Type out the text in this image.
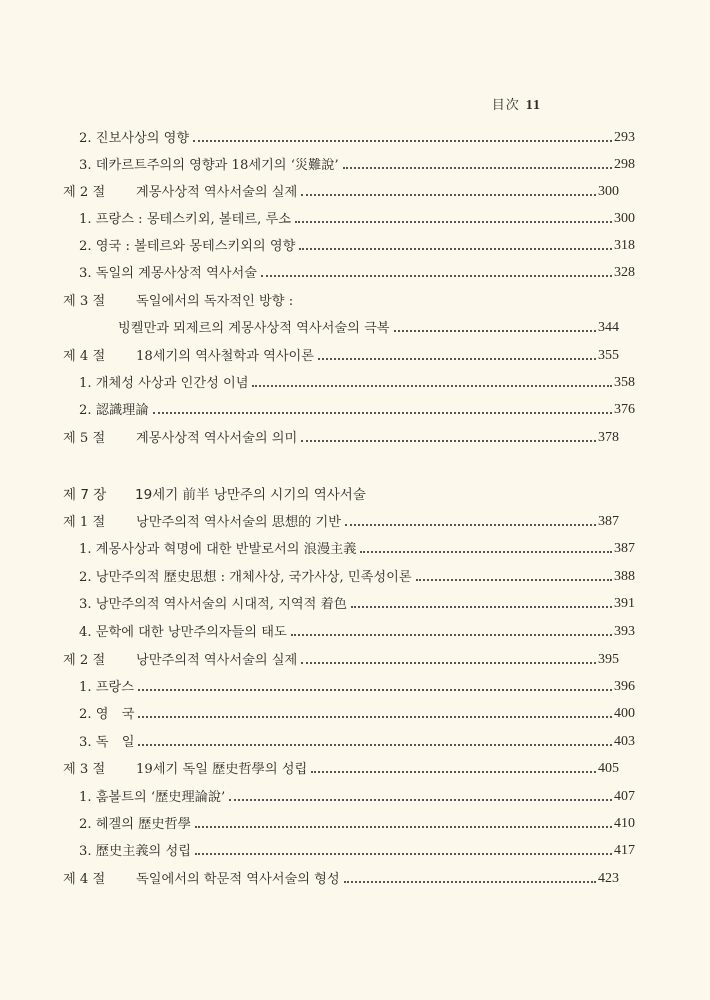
目次 11
2. 진보사상의 영향	293
3. 데카르트주의의 영향과 18세기의 ‘災難說’	298
제 2 절	계몽사상적 역사서술의 실제	300
1. 프랑스 : 몽테스키외, 볼테르, 루소	300
2. 영국 : 볼테르와 몽테스키외의 영향	318
3. 독일의 계몽사상적 역사서술	328
제 3 절	독일에서의 독자적인 방향 :
빙켈만과 뫼제르의 계몽사상적 역사서술의 극복	344
제 4 절	18세기의 역사철학과 역사이론	355
1. 개체성 사상과 인간성 이념	358
2. 認識理論	376
제 5 절	계몽사상적 역사서술의 의미	378
제 7 장	19세기 前半 낭만주의 시기의 역사서술
제 1 절	낭만주의적 역사서술의 思想的 기반	387
1. 계몽사상과 혁명에 대한 반발로서의 浪漫主義	387
2. 낭만주의적 歷史思想 : 개체사상, 국가사상, 민족성이론	388
3. 낭만주의적 역사서술의 시대적, 지역적 着色	391
4. 문학에 대한 낭만주의자들의 태도	393
제 2 절	낭만주의적 역사서술의 실제	395
1. 프랑스	396
2. 영　국	400
3. 독　일	403
제 3 절	19세기 독일 歷史哲學의 성립	405
1. 훔볼트의 ‘歷史理論說’	407
2. 헤겔의 歷史哲學	410
3. 歷史主義의 성립	417
제 4 절	독일에서의 학문적 역사서술의 형성	423
